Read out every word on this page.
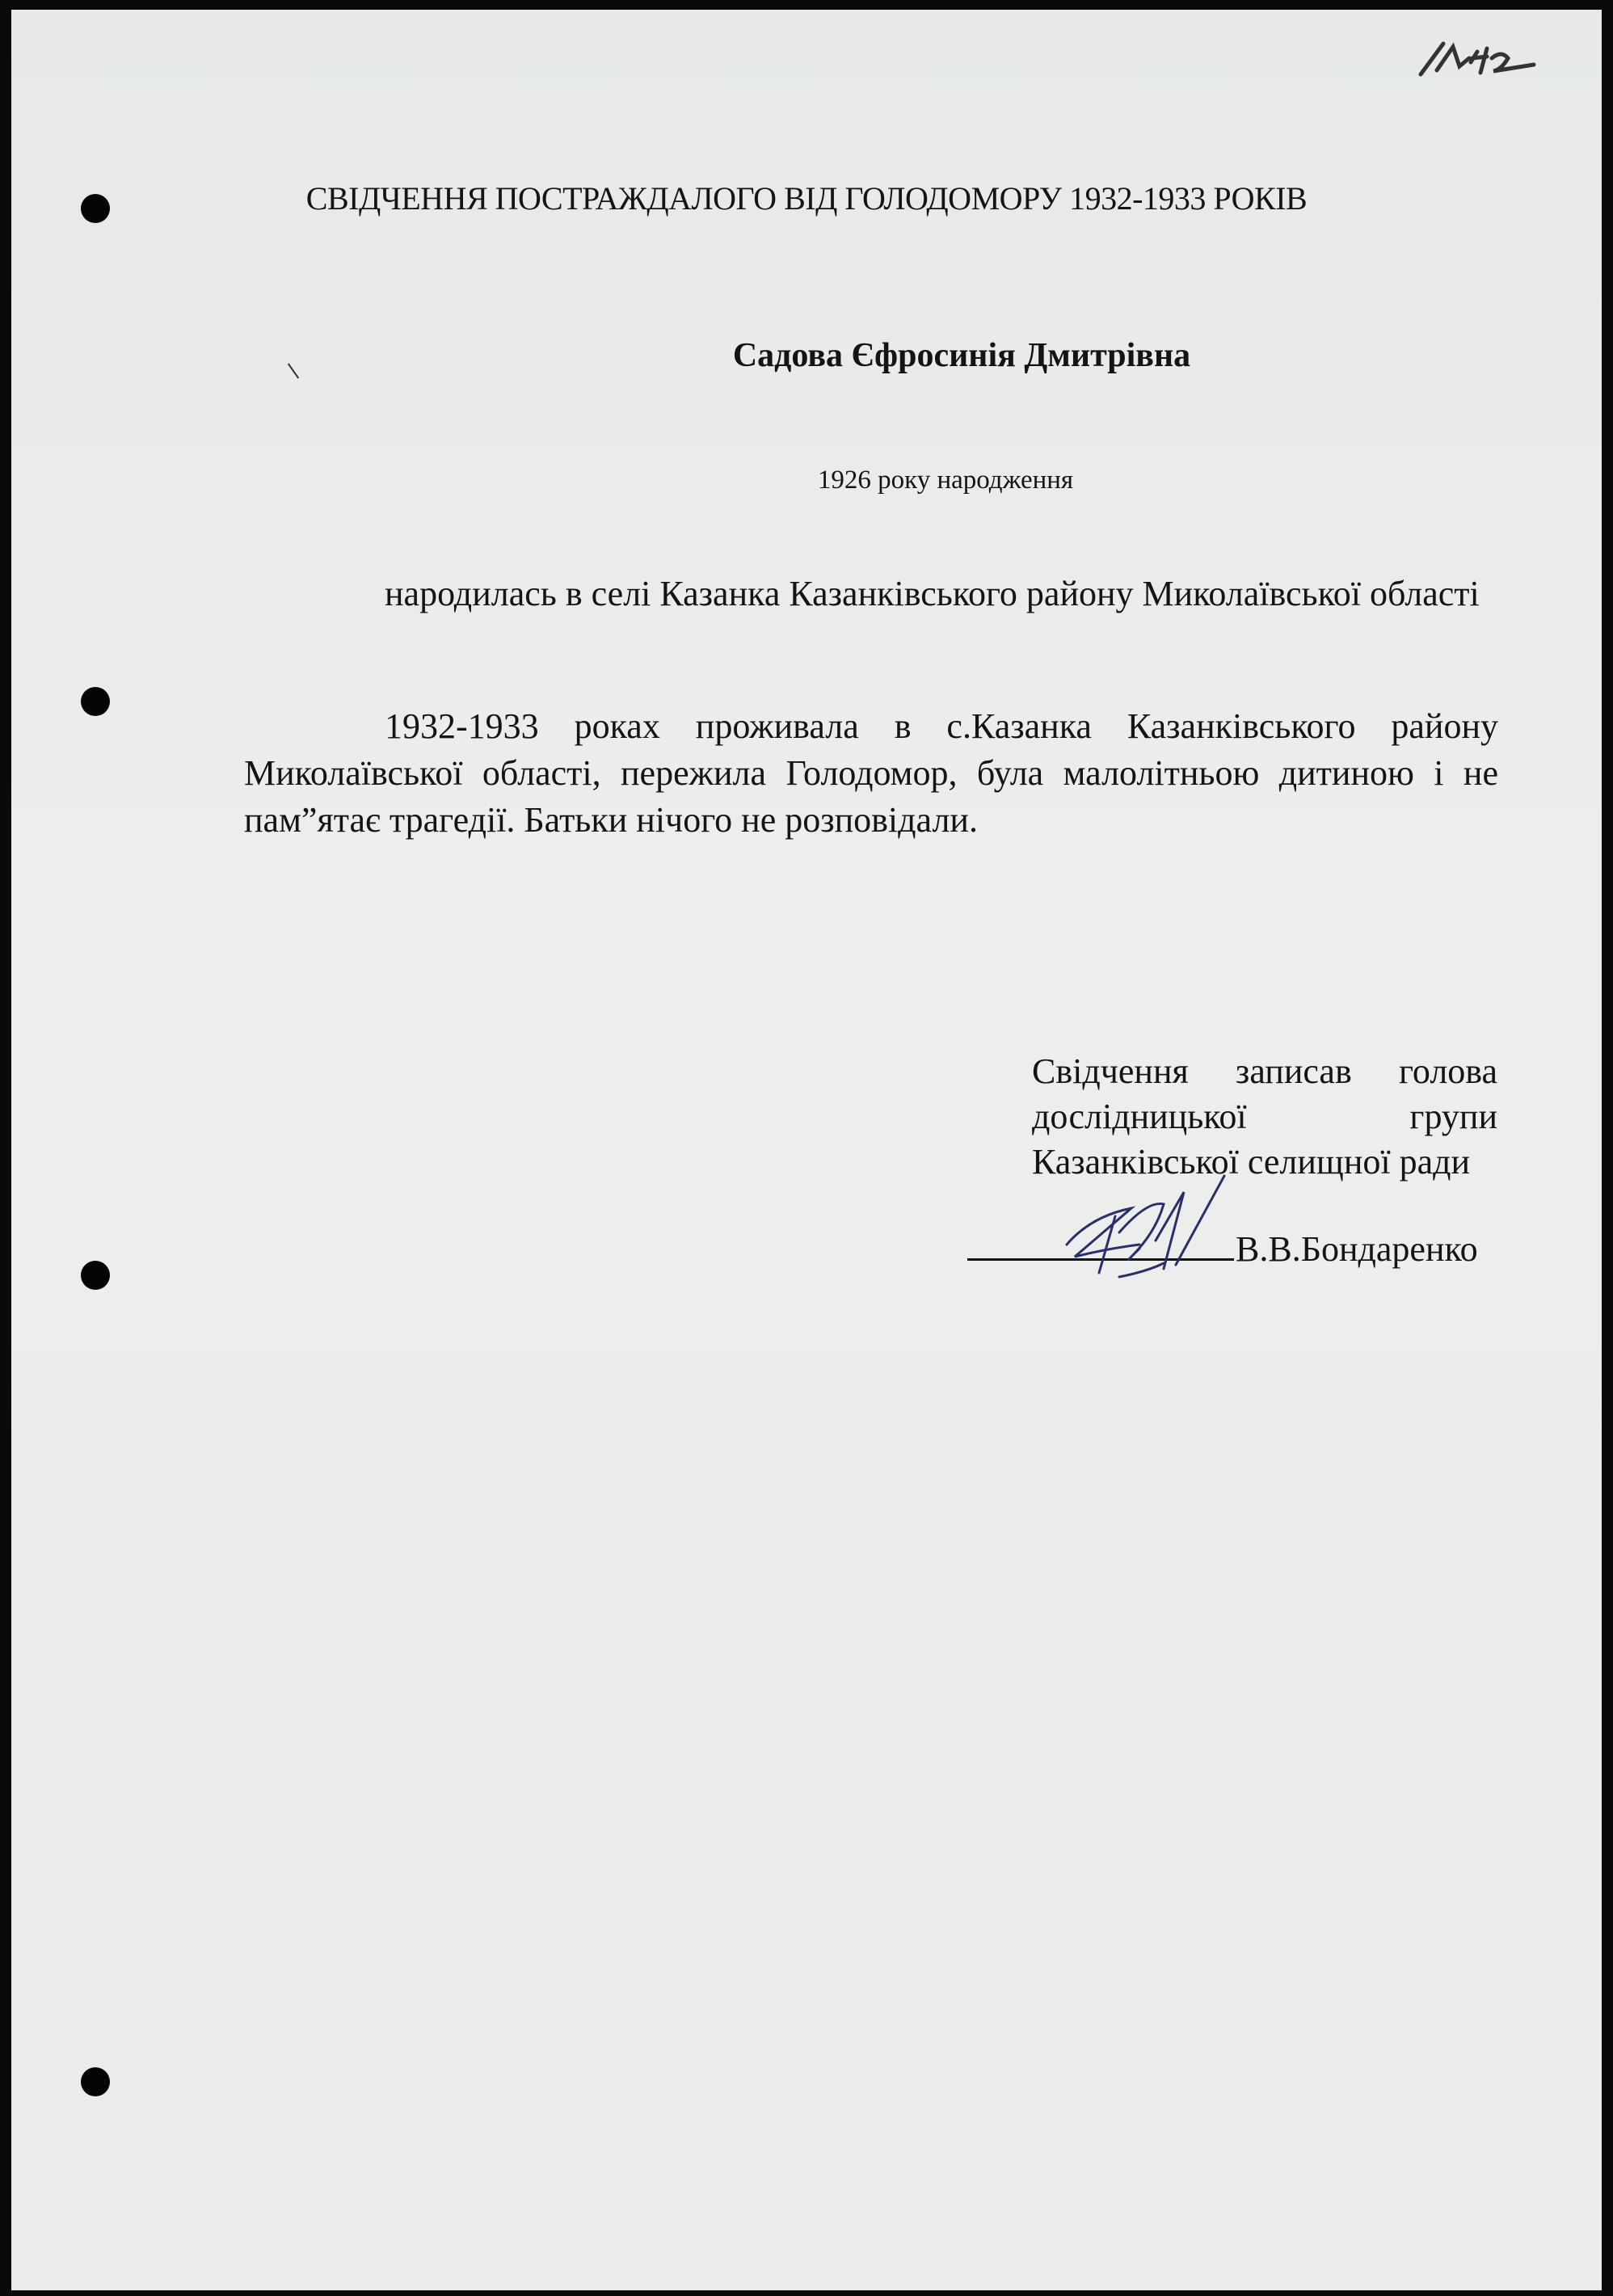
СВІДЧЕННЯ ПОСТРАЖДАЛОГО ВІД ГОЛОДОМОРУ 1932-1933 РОКІВ
Садова Єфросинія Дмитрівна
1926 року народження
народилась в селі Казанка Казанківського району Миколаївської області
1932-1933 роках проживала в с.Казанка Казанківського району Миколаївської області, пережила Голодомор, була малолітньою дитиною і не пам”ятає трагедії. Батьки нічого не розповідали.
Свідчення записав голова дослідницької групи Казанківської селищної ради
В.В.Бондаренко
